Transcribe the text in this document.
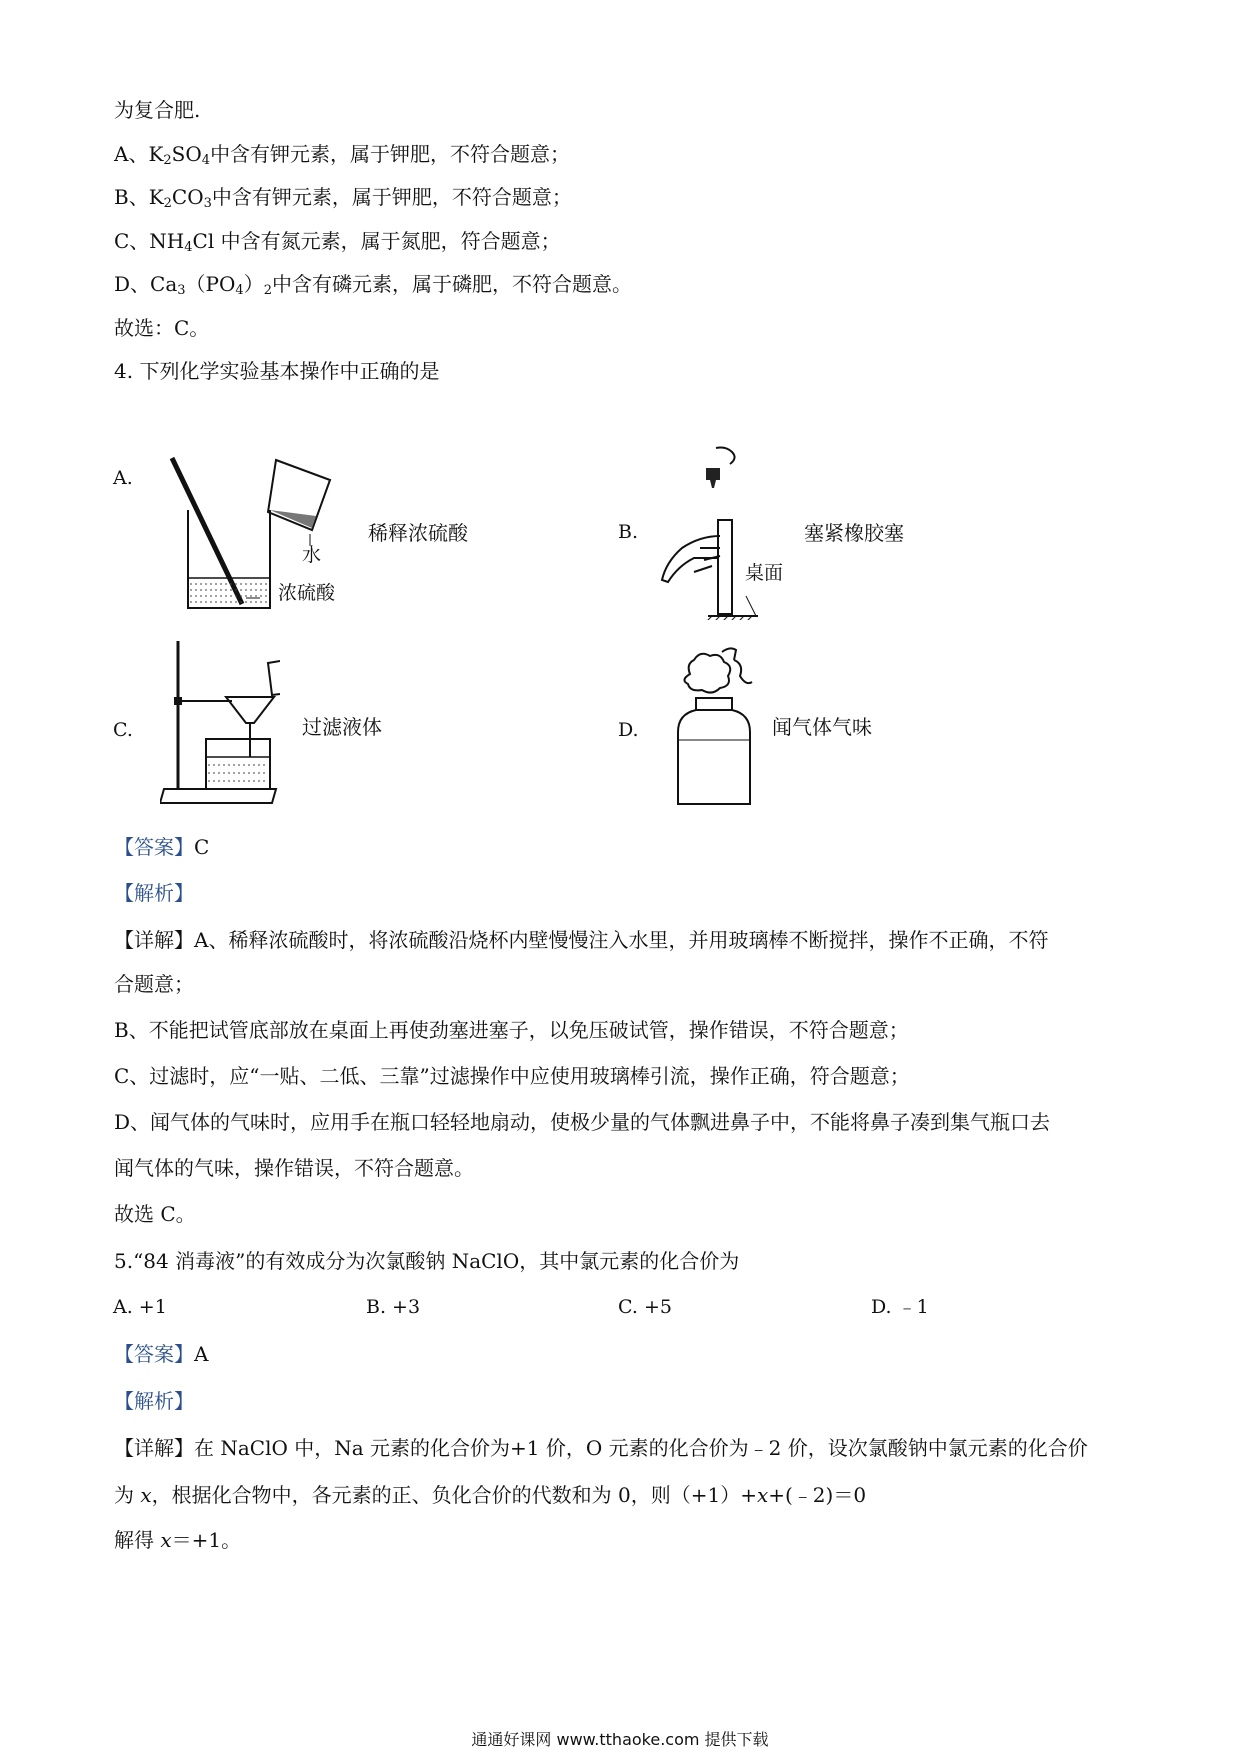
为复合肥.
A、$K_2SO_4$中含有钾元素，属于钾肥，不符合题意；
B、$K_2CO_3$中含有钾元素，属于钾肥，不符合题意；
C、$NH_4Cl$ 中含有氮元素，属于氮肥，符合题意；
D、$Ca_3(PO_4)_2$中含有磷元素，属于磷肥，不符合题意。
故选：C。
4. 下列化学实验基本操作中正确的是
A.
水
浓硫酸
稀释浓硫酸	B.
桌面
塞紧橡胶塞
C.	过滤液体	D.	闻气体气味
【答案】C
【解析】
【详解】A、稀释浓硫酸时，将浓硫酸沿烧杯内壁慢慢注入水里，并用玻璃棒不断搅拌，操作不正确，不符
合题意；
B、不能把试管底部放在桌面上再使劲塞进塞子，以免压破试管，操作错误，不符合题意；
C、过滤时，应“一贴、二低、三靠”过滤操作中应使用玻璃棒引流，操作正确，符合题意；
D、闻气体的气味时，应用手在瓶口轻轻地扇动，使极少量的气体飘进鼻子中，不能将鼻子凑到集气瓶口去
闻气体的气味，操作错误，不符合题意。
故选 C。
5.“84 消毒液”的有效成分为次氯酸钠 NaClO，其中氯元素的化合价为
A. +1	B. +3	C. +5	D. ﹣1
【答案】A
【解析】
【详解】在 NaClO 中，Na 元素的化合价为+1 价，O 元素的化合价为﹣2 价，设次氯酸钠中氯元素的化合价
为 x，根据化合物中，各元素的正、负化合价的代数和为 0，则（+1）+x+(﹣2)＝0
解得 x＝+1。
通通好课网 www.tthaoke.com 提供下载
